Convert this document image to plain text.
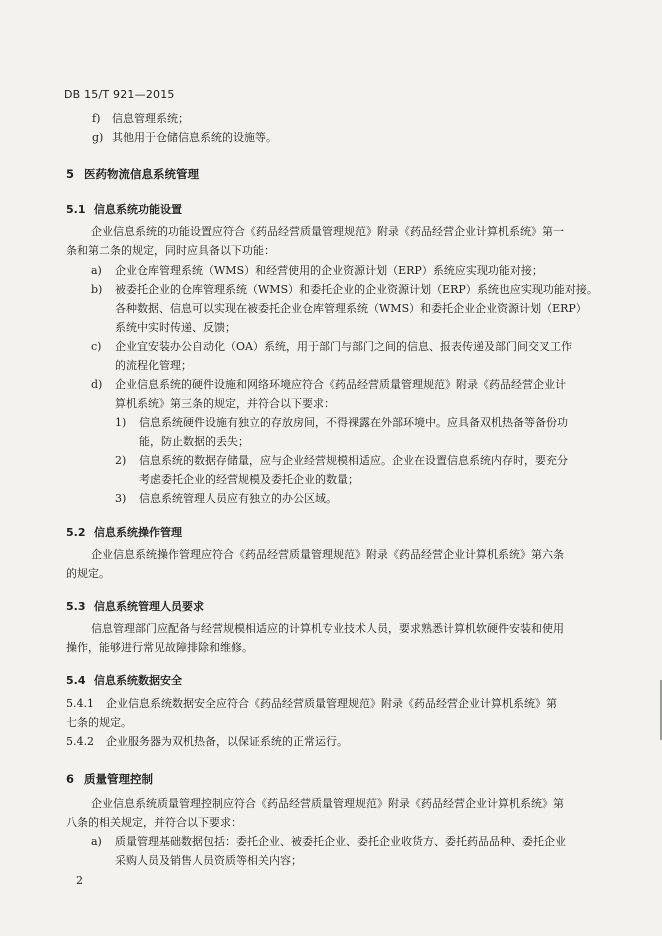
DB 15/T 921—2015
f) 信息管理系统；
g) 其他用于仓储信息系统的设施等。
5 医药物流信息系统管理
5.1 信息系统功能设置
企业信息系统的功能设置应符合《药品经营质量管理规范》附录《药品经营企业计算机系统》第一
条和第二条的规定，同时应具备以下功能：
a) 企业仓库管理系统（WMS）和经营使用的企业资源计划（ERP）系统应实现功能对接；
b) 被委托企业的仓库管理系统（WMS）和委托企业的企业资源计划（ERP）系统也应实现功能对接。
各种数据、信息可以实现在被委托企业仓库管理系统（WMS）和委托企业企业资源计划（ERP）
系统中实时传递、反馈；
c) 企业宜安装办公自动化（OA）系统，用于部门与部门之间的信息、报表传递及部门间交叉工作
的流程化管理；
d) 企业信息系统的硬件设施和网络环境应符合《药品经营质量管理规范》附录《药品经营企业计
算机系统》第三条的规定，并符合以下要求：
1) 信息系统硬件设施有独立的存放房间，不得裸露在外部环境中。应具备双机热备等备份功
能，防止数据的丢失；
2) 信息系统的数据存储量，应与企业经营规模相适应。企业在设置信息系统内存时，要充分
考虑委托企业的经营规模及委托企业的数量；
3) 信息系统管理人员应有独立的办公区域。
5.2 信息系统操作管理
企业信息系统操作管理应符合《药品经营质量管理规范》附录《药品经营企业计算机系统》第六条
的规定。
5.3 信息系统管理人员要求
信息管理部门应配备与经营规模相适应的计算机专业技术人员，要求熟悉计算机软硬件安装和使用
操作，能够进行常见故障排除和维修。
5.4 信息系统数据安全
5.4.1 企业信息系统数据安全应符合《药品经营质量管理规范》附录《药品经营企业计算机系统》第
七条的规定。
5.4.2 企业服务器为双机热备，以保证系统的正常运行。
6 质量管理控制
企业信息系统质量管理控制应符合《药品经营质量管理规范》附录《药品经营企业计算机系统》第
八条的相关规定，并符合以下要求：
a) 质量管理基础数据包括：委托企业、被委托企业、委托企业收货方、委托药品品种、委托企业
采购人员及销售人员资质等相关内容；
2
